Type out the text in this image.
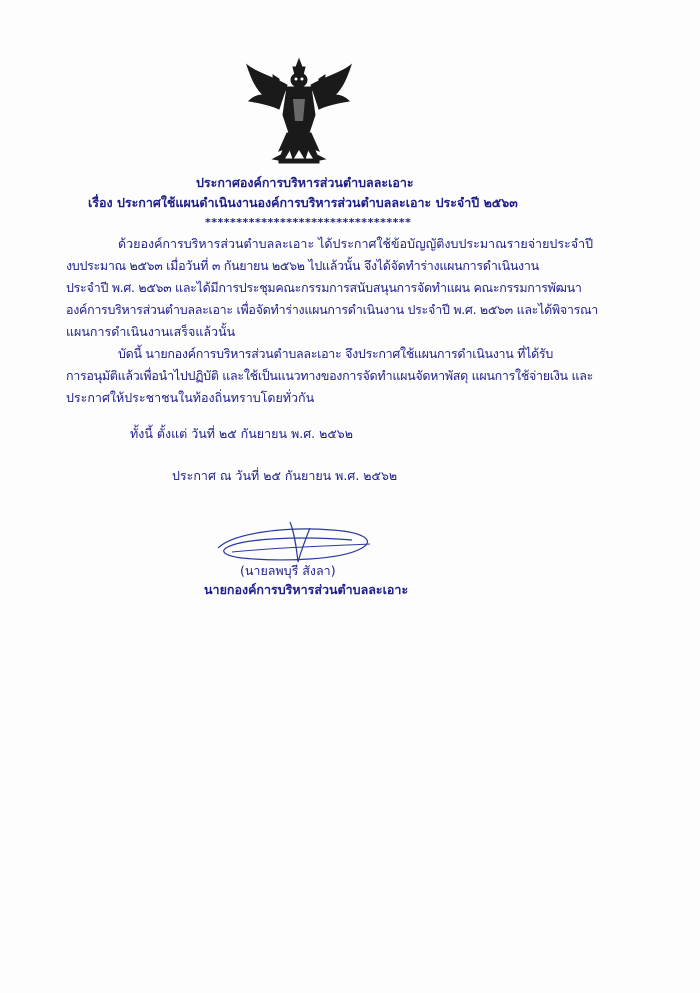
ประกาศองค์การบริหารส่วนตำบลละเอาะ
เรื่อง ประกาศใช้แผนดำเนินงานองค์การบริหารส่วนตำบลละเอาะ ประจำปี ๒๕๖๓
*********************************
ด้วยองค์การบริหารส่วนตำบลละเอาะ ได้ประกาศใช้ข้อบัญญัติงบประมาณรายจ่ายประจำปี
งบประมาณ ๒๕๖๓ เมื่อวันที่ ๓ กันยายน ๒๕๖๒ ไปแล้วนั้น จึงได้จัดทำร่างแผนการดำเนินงาน
ประจำปี พ.ศ. ๒๕๖๓ และได้มีการประชุมคณะกรรมการสนับสนุนการจัดทำแผน คณะกรรมการพัฒนา
องค์การบริหารส่วนตำบลละเอาะ เพื่อจัดทำร่างแผนการดำเนินงาน ประจำปี พ.ศ. ๒๕๖๓ และได้พิจารณา
แผนการดำเนินงานเสร็จแล้วนั้น
บัดนี้ นายกองค์การบริหารส่วนตำบลละเอาะ จึงประกาศใช้แผนการดำเนินงาน ที่ได้รับ
การอนุมัติแล้วเพื่อนำไปปฏิบัติ และใช้เป็นแนวทางของการจัดทำแผนจัดหาพัสดุ แผนการใช้จ่ายเงิน และ
ประกาศให้ประชาชนในท้องถิ่นทราบโดยทั่วกัน
ทั้งนี้ ตั้งแต่ วันที่ ๒๕ กันยายน พ.ศ. ๒๕๖๒
ประกาศ ณ วันที่ ๒๕ กันยายน พ.ศ. ๒๕๖๒
(นายลพบุรี สังลา)
นายกองค์การบริหารส่วนตำบลละเอาะ
